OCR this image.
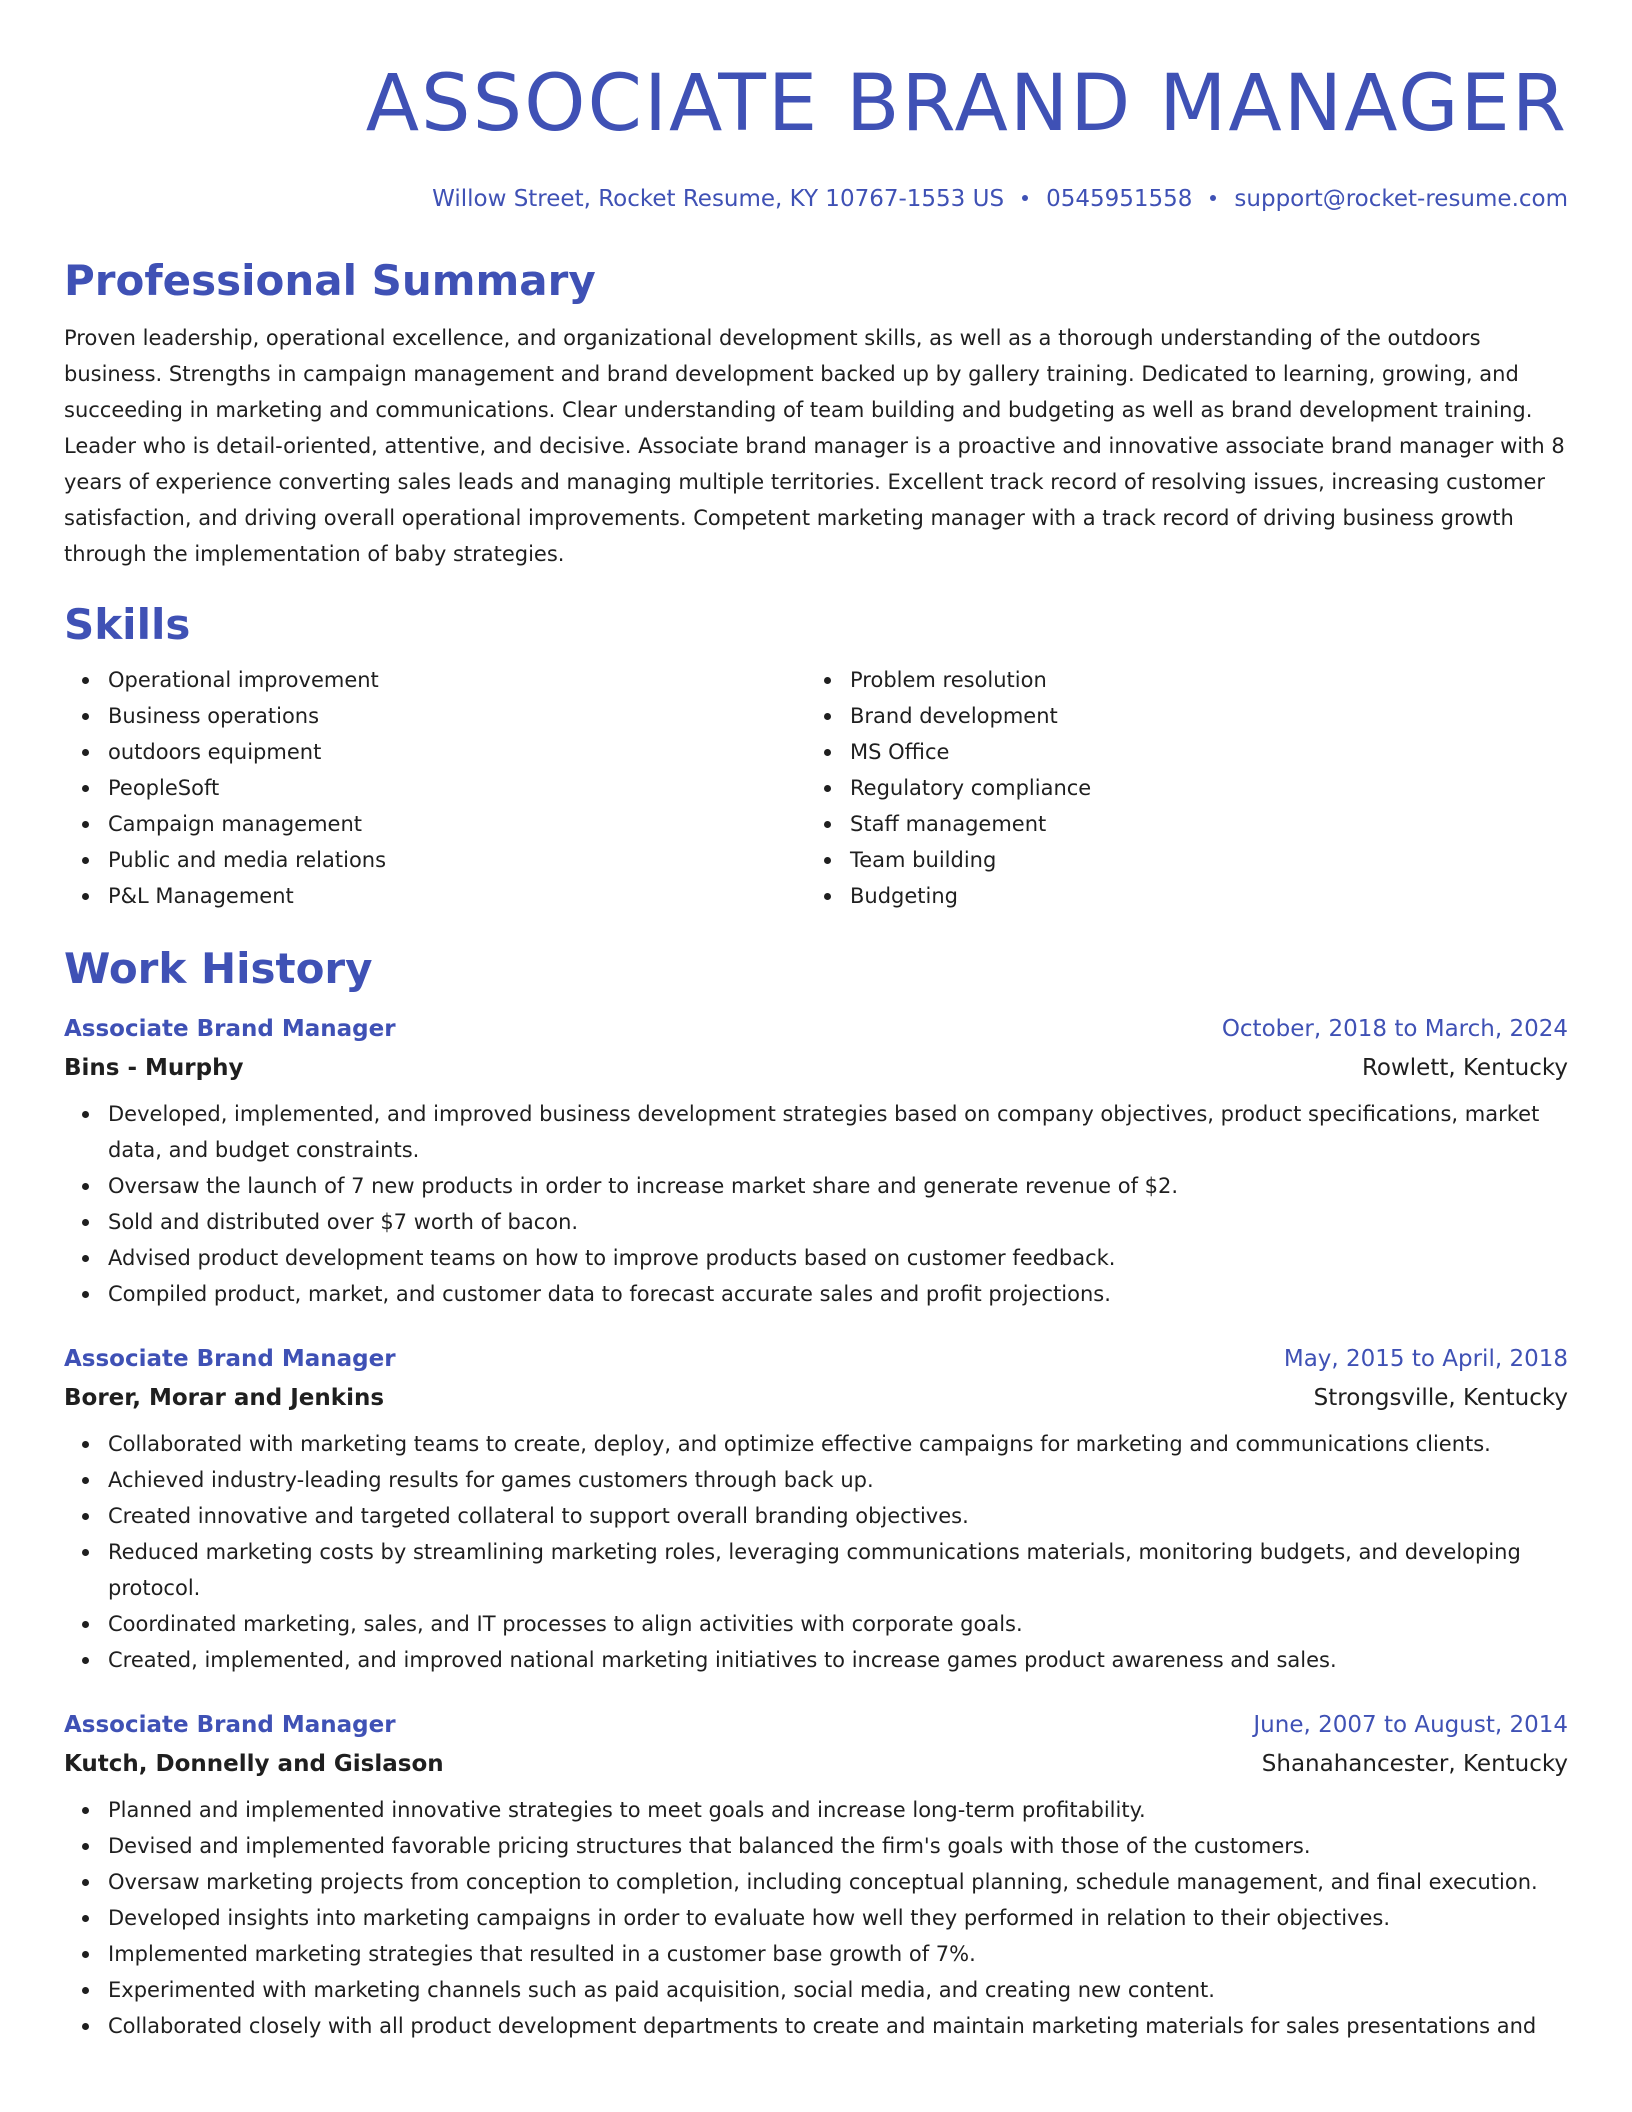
ASSOCIATE BRAND MANAGER
Willow Street, Rocket Resume, KY 10767-1553 US 0545951558 support@rocket-resume.com
Professional Summary
Proven leadership, operational excellence, and organizational development skills, as well as a thorough understanding of the outdoors business. Strengths in campaign management and brand development backed up by gallery training. Dedicated to learning, growing, and succeeding in marketing and communications. Clear understanding of team building and budgeting as well as brand development training. Leader who is detail-oriented, attentive, and decisive. Associate brand manager is a proactive and innovative associate brand manager with 8 years of experience converting sales leads and managing multiple territories. Excellent track record of resolving issues, increasing customer satisfaction, and driving overall operational improvements. Competent marketing manager with a track record of driving business growth through the implementation of baby strategies.
Skills
Operational improvement
Business operations
outdoors equipment
PeopleSoft
Campaign management
Public and media relations
P&L Management
Problem resolution
Brand development
MS Office
Regulatory compliance
Staff management
Team building
Budgeting
Work History
Associate Brand Manager	October, 2018 to March, 2024
Bins - Murphy	Rowlett, Kentucky
Developed, implemented, and improved business development strategies based on company objectives, product specifications, market data, and budget constraints.
Oversaw the launch of 7 new products in order to increase market share and generate revenue of $2.
Sold and distributed over $7 worth of bacon.
Advised product development teams on how to improve products based on customer feedback.
Compiled product, market, and customer data to forecast accurate sales and profit projections.
Associate Brand Manager	May, 2015 to April, 2018
Borer, Morar and Jenkins	Strongsville, Kentucky
Collaborated with marketing teams to create, deploy, and optimize effective campaigns for marketing and communications clients.
Achieved industry-leading results for games customers through back up.
Created innovative and targeted collateral to support overall branding objectives.
Reduced marketing costs by streamlining marketing roles, leveraging communications materials, monitoring budgets, and developing protocol.
Coordinated marketing, sales, and IT processes to align activities with corporate goals.
Created, implemented, and improved national marketing initiatives to increase games product awareness and sales.
Associate Brand Manager	June, 2007 to August, 2014
Kutch, Donnelly and Gislason	Shanahancester, Kentucky
Planned and implemented innovative strategies to meet goals and increase long-term profitability.
Devised and implemented favorable pricing structures that balanced the firm's goals with those of the customers.
Oversaw marketing projects from conception to completion, including conceptual planning, schedule management, and final execution.
Developed insights into marketing campaigns in order to evaluate how well they performed in relation to their objectives.
Implemented marketing strategies that resulted in a customer base growth of 7%.
Experimented with marketing channels such as paid acquisition, social media, and creating new content.
Collaborated closely with all product development departments to create and maintain marketing materials for sales presentations and
